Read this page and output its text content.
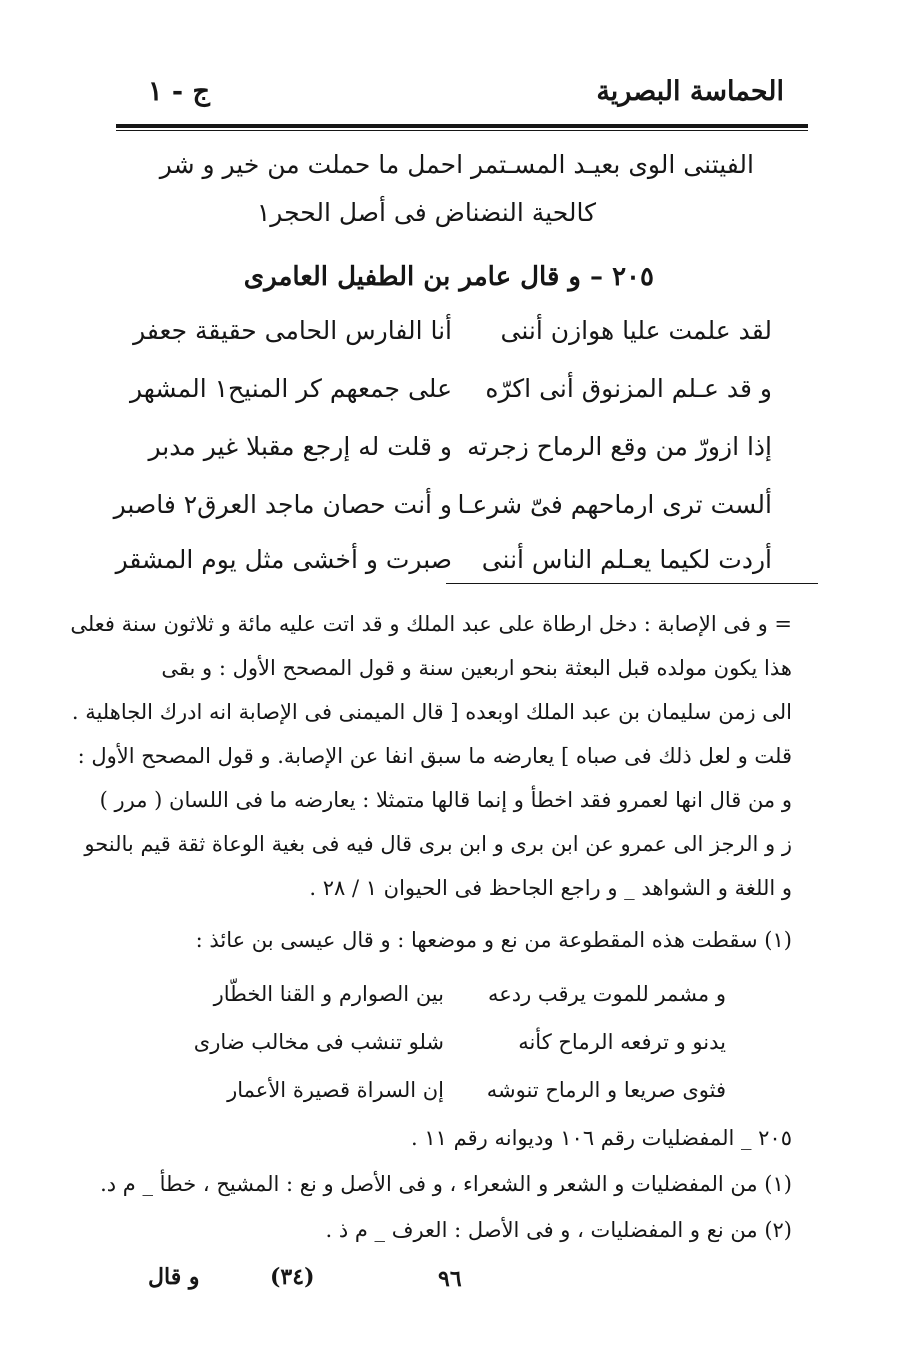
الحماسة البصرية
ج - ١
الفيتنى الوى بعيـد المسـتمر احمل ما حملت من خير و شر
كالحية النضناض فى أصل الحجر١
٢٠٥ – و قال عامر بن الطفيل العامرى
لقد علمت عليا هوازن أننى
أنا الفارس الحامى حقيقة جعفر
و قد عـلم المزنوق أنى اكرّه
على جمعهم كر المنيح١ المشهر
إذا ازورّ من وقع الرماح زجرته
و قلت له إرجع مقبلا غير مدبر
ألست ترى ارماحهم فىّ شرعـا
و أنت حصان ماجد العرق٢ فاصبر
أردت لكيما يعـلم الناس أننى
صبرت و أخشى مثل يوم المشقر
= و فى الإصابة : دخل ارطاة على عبد الملك و قد اتت عليه مائة و ثلاثون سنة فعلى
هذا يكون مولده قبل البعثة بنحو اربعين سنة و قول المصحح الأول : و بقى
الى زمن سليمان بن عبد الملك اوبعده [ قال الميمنى فى الإصابة انه ادرك الجاهلية .
قلت و لعل ذلك فى صباه ] يعارضه ما سبق انفا عن الإصابة. و قول المصحح الأول :
و من قال انها لعمرو فقد اخطأ و إنما قالها متمثلا : يعارضه ما فى اللسان ( مرر )
ز و الرجز الى عمرو عن ابن برى و ابن برى قال فيه فى بغية الوعاة ثقة قيم بالنحو
و اللغة و الشواهد _ و راجع الجاحظ فى الحيوان ١ / ٢٨ .
(١) سقطت هذه المقطوعة من نع و موضعها : و قال عيسى بن عائذ :
و مشمر للموت يرقب ردعه
بين الصوارم و القنا الخطّار
يدنو و ترفعه الرماح كأنه
شلو تنشب فى مخالب ضارى
فثوى صريعا و الرماح تنوشه
إن السراة قصيرة الأعمار
٢٠٥ _ المفضليات رقم ١٠٦ وديوانه رقم ١١ .
(١) من المفضليات و الشعر و الشعراء ، و فى الأصل و نع : المشيح ، خطأ _ م د.
(٢) من نع و المفضليات ، و فى الأصل : العرف _ م ذ .
٩٦
(٣٤)
و قال
